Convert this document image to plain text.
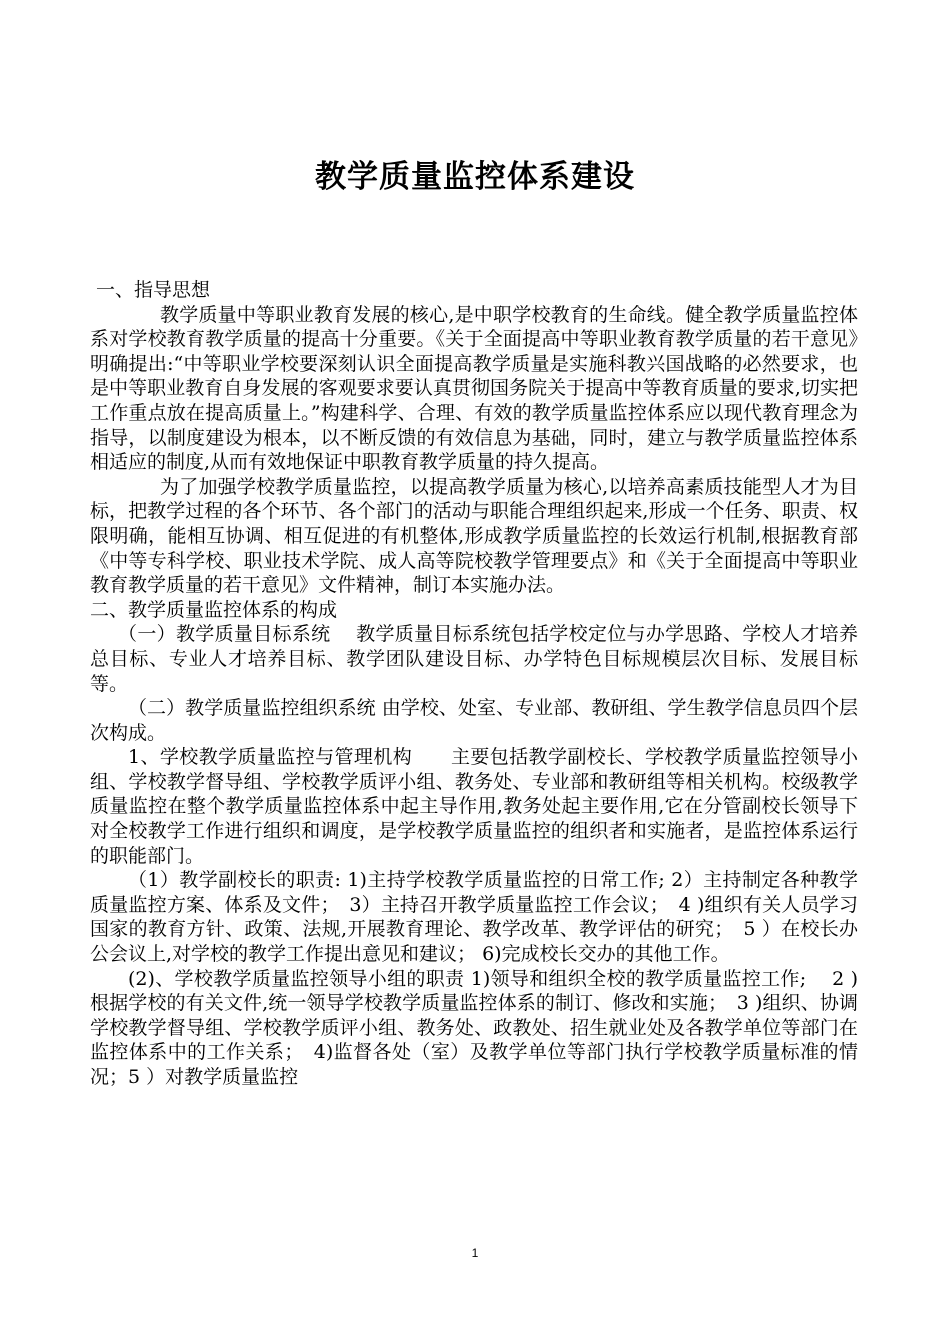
教学质量监控体系建设

一、指导思想

教学质量中等职业教育发展的核心,是中职学校教育的生命线。健全教学质量监控体系对学校教育教学质量的提高十分重要。《关于全面提高中等职业教育教学质量的若干意见》明确提出:“中等职业学校要深刻认识全面提高教学质量是实施科教兴国战略的必然要求，也是中等职业教育自身发展的客观要求要认真贯彻国务院关于提高中等教育质量的要求,切实把工作重点放在提高质量上。”构建科学、合理、有效的教学质量监控体系应以现代教育理念为指导，以制度建设为根本，以不断反馈的有效信息为基础，同时，建立与教学质量监控体系相适应的制度,从而有效地保证中职教育教学质量的持久提高。

为了加强学校教学质量监控，以提高教学质量为核心,以培养高素质技能型人才为目标，把教学过程的各个环节、各个部门的活动与职能合理组织起来,形成一个任务、职责、权限明确，能相互协调、相互促进的有机整体,形成教学质量监控的长效运行机制,根据教育部《中等专科学校、职业技术学院、成人高等院校教学管理要点》和《关于全面提高中等职业教育教学质量的若干意见》文件精神，制订本实施办法。

二、教学质量监控体系的构成

（一）教学质量目标系统　 教学质量目标系统包括学校定位与办学思路、学校人才培养总目标、专业人才培养目标、教学团队建设目标、办学特色目标规模层次目标、发展目标等。

（二）教学质量监控组织系统 由学校、处室、专业部、教研组、学生教学信息员四个层次构成。

1、学校教学质量监控与管理机构　　主要包括教学副校长、学校教学质量监控领导小组、学校教学督导组、学校教学质评小组、教务处、专业部和教研组等相关机构。校级教学质量监控在整个教学质量监控体系中起主导作用,教务处起主要作用,它在分管副校长领导下对全校教学工作进行组织和调度，是学校教学质量监控的组织者和实施者，是监控体系运行的职能部门。

（1）教学副校长的职责: 1)主持学校教学质量监控的日常工作; 2）主持制定各种教学质量监控方案、体系及文件；　3）主持召开教学质量监控工作会议；　4 )组织有关人员学习国家的教育方针、政策、法规,开展教育理论、教学改革、教学评估的研究；　5 ）在校长办公会议上,对学校的教学工作提出意见和建议； 6)完成校长交办的其他工作。

(2)、学校教学质量监控领导小组的职责 1)领导和组织全校的教学质量监控工作;　 2 )根据学校的有关文件,统一领导学校教学质量监控体系的制订、修改和实施；　3 )组织、协调学校教学督导组、学校教学质评小组、教务处、政教处、招生就业处及各教学单位等部门在监控体系中的工作关系；　4)监督各处（室）及教学单位等部门执行学校教学质量标准的情况；5 ）对教学质量监控

1
